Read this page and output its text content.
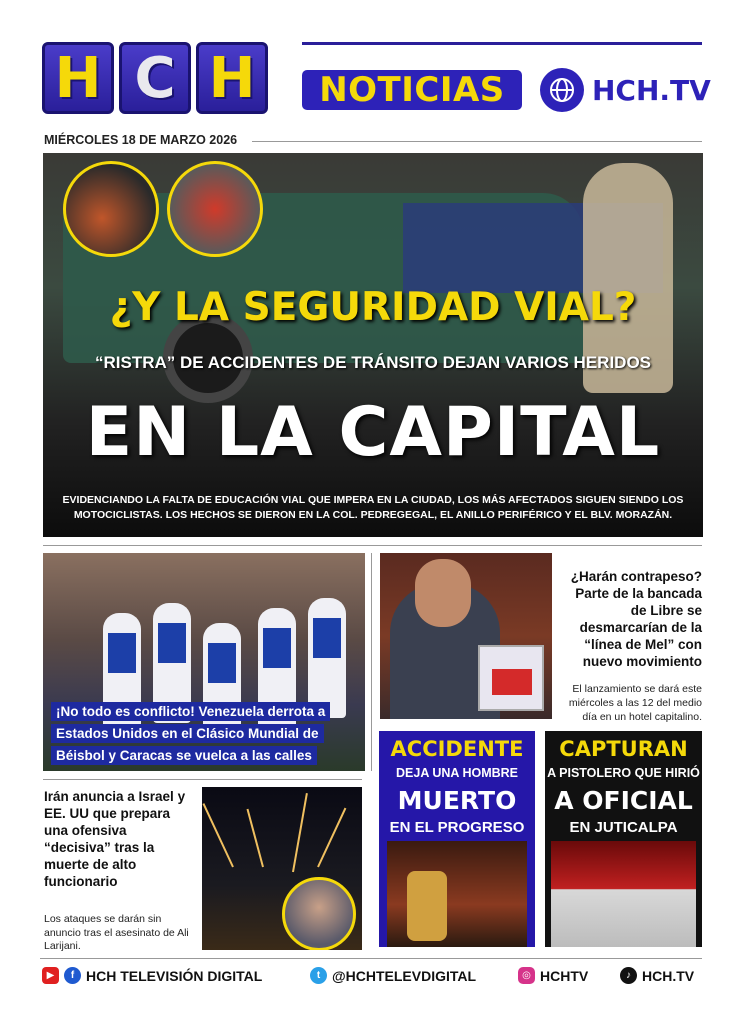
H C H	NOTICIAS	HCH.TV
MIÉRCOLES 18 DE MARZO 2026
¿Y LA SEGURIDAD VIAL?
“RISTRA” DE ACCIDENTES DE TRÁNSITO DEJAN VARIOS HERIDOS
EN LA CAPITAL
EVIDENCIANDO LA FALTA DE EDUCACIÓN VIAL QUE IMPERA EN LA CIUDAD, LOS MÁS AFECTADOS SIGUEN SIENDO LOS MOTOCICLISTAS. LOS HECHOS SE DIERON EN LA COL. PEDREGEGAL, EL ANILLO PERIFÉRICO Y EL BLV. MORAZÁN.
¡No todo es conflicto! Venezuela derrota a Estados Unidos en el Clásico Mundial de Béisbol y Caracas se vuelca a las calles
¿Harán contrapeso? Parte de la bancada de Libre se desmarcarían de la “línea de Mel” con nuevo movimiento
El lanzamiento se dará este miércoles a las 12 del medio día en un hotel capitalino.
Irán anuncia a Israel y EE. UU que prepara una ofensiva “decisiva” tras la muerte de alto funcionario
Los ataques se darán sin anuncio tras el asesinato de Ali Larijani.
ACCIDENTE
DEJA UNA HOMBRE
MUERTO
EN EL PROGRESO
CAPTURAN
A PISTOLERO QUE HIRIÓ
A OFICIAL
EN JUTICALPA
▶	f HCH TELEVISIÓN DIGITAL	t @HCHTELEVDIGITAL	◎ HCHTV	♪ HCH.TV
